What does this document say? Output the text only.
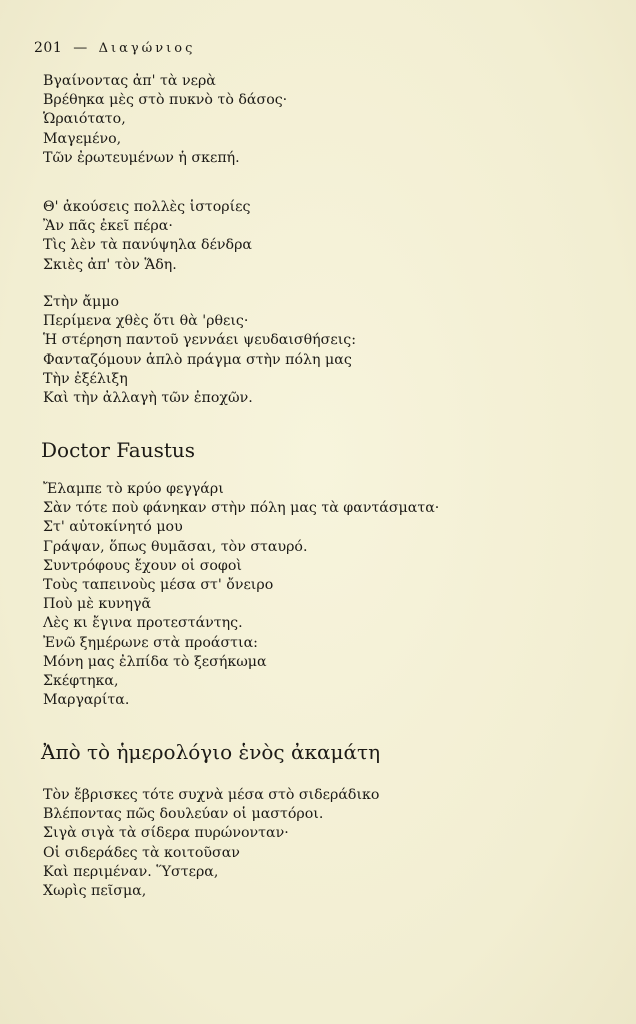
201 — Διαγώνιος
Βγαίνοντας ἀπ' τὰ νερὰ
Βρέθηκα μὲς στὸ πυκνὸ τὸ δάσος·
Ὡραιότατο,
Μαγεμένο,
Τῶν ἐρωτευμένων ἡ σκεπή.
Θ' ἀκούσεις πολλὲς ἱστορίες
Ἂν πᾶς ἐκεῖ πέρα·
Τὶς λὲν τὰ πανύψηλα δένδρα
Σκιὲς ἀπ' τὸν Ἅδη.
Στὴν ἄμμο
Περίμενα χθὲς ὅτι θὰ 'ρθεις·
Ἡ στέρηση παντοῦ γεννάει ψευδαισθήσεις:
Φανταζόμουν ἁπλὸ πράγμα στὴν πόλη μας
Τὴν ἐξέλιξη
Καὶ τὴν ἀλλαγὴ τῶν ἐποχῶν.
Doctor Faustus
Ἔλαμπε τὸ κρύο φεγγάρι
Σὰν τότε ποὺ φάνηκαν στὴν πόλη μας τὰ φαντάσματα·
Στ' αὐτοκίνητό μου
Γράψαν, ὅπως θυμᾶσαι, τὸν σταυρό.
Συντρόφους ἔχουν οἱ σοφοὶ
Τοὺς ταπεινοὺς μέσα στ' ὄνειρο
Ποὺ μὲ κυνηγᾶ
Λὲς κι ἔγινα προτεστάντης.
Ἐνῶ ξημέρωνε στὰ προάστια:
Μόνη μας ἐλπίδα τὸ ξεσήκωμα
Σκέφτηκα,
Μαργαρίτα.
Ἀπὸ τὸ ἡμερολόγιο ἑνὸς ἀκαμάτη
Τὸν ἔβρισκες τότε συχνὰ μέσα στὸ σιδεράδικο
Βλέποντας πῶς δουλεύαν οἱ μαστόροι.
Σιγὰ σιγὰ τὰ σίδερα πυρώνονταν·
Οἱ σιδεράδες τὰ κοιτοῦσαν
Καὶ περιμέναν. Ὕστερα,
Χωρὶς πεῖσμα,
